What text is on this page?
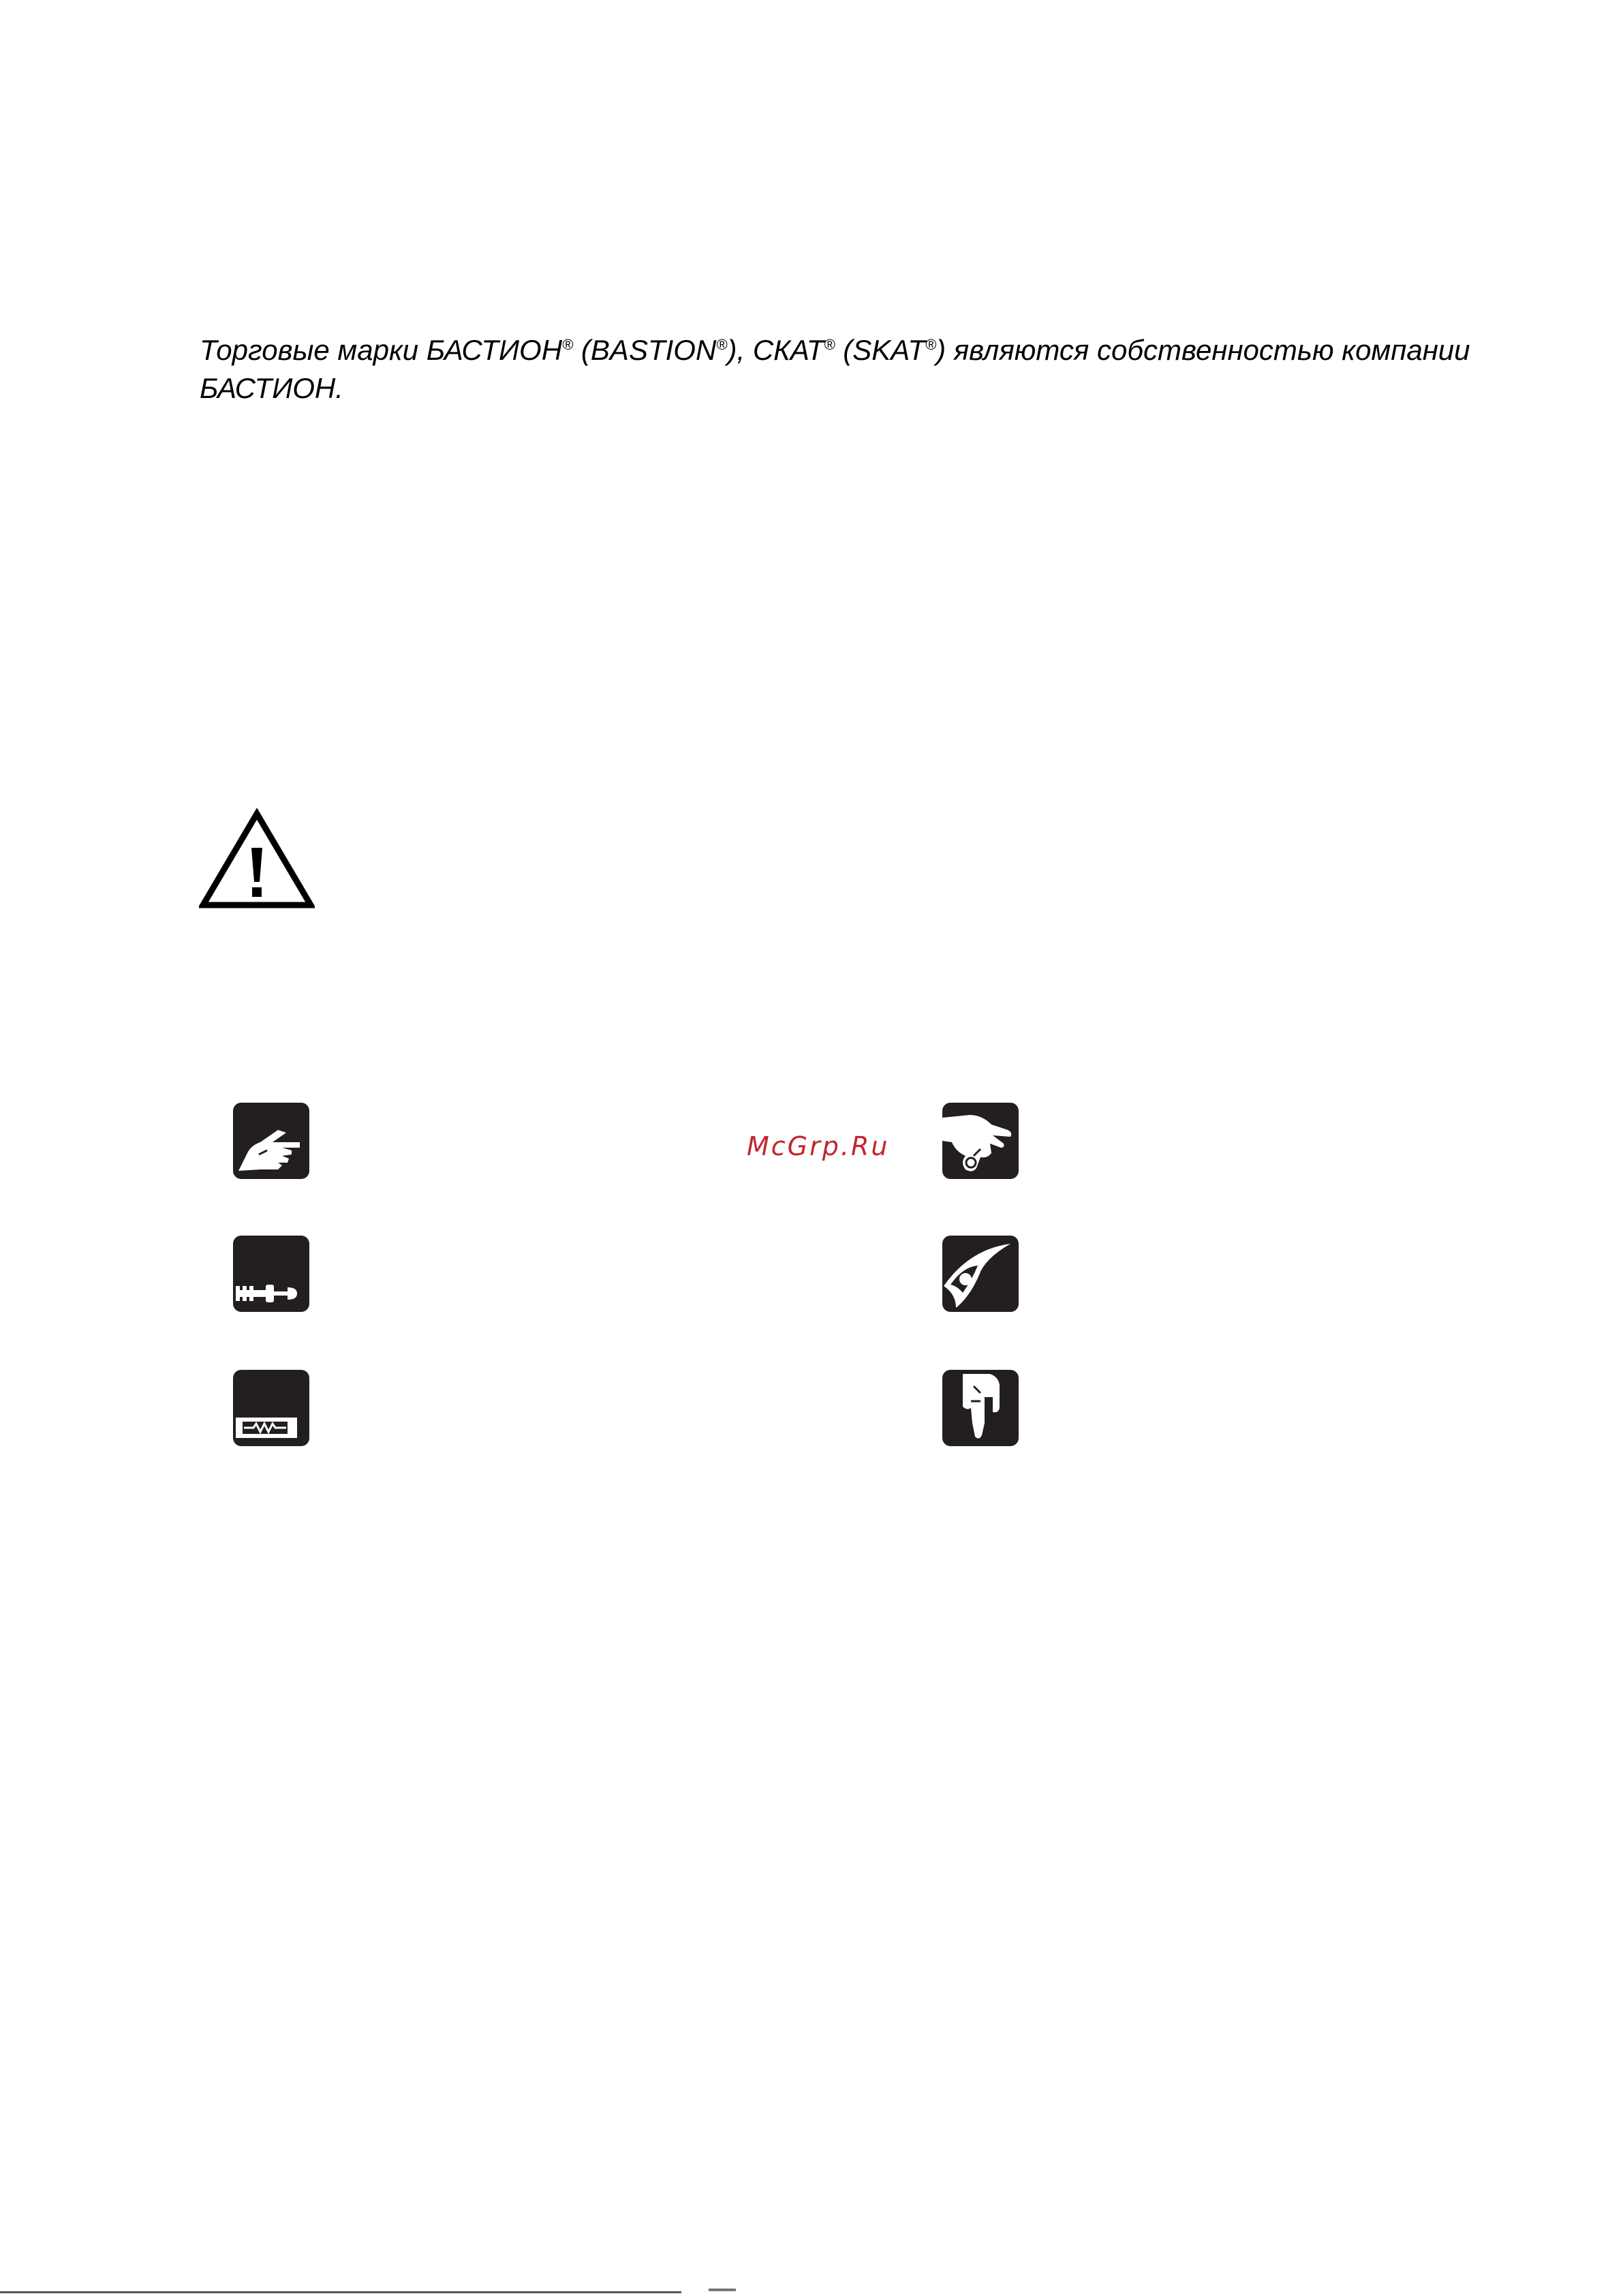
Торговые марки БАСТИОН® (BASTION®), СКАТ® (SKAT®) являются собственностью компании БАСТИОН.

McGrp.Ru
